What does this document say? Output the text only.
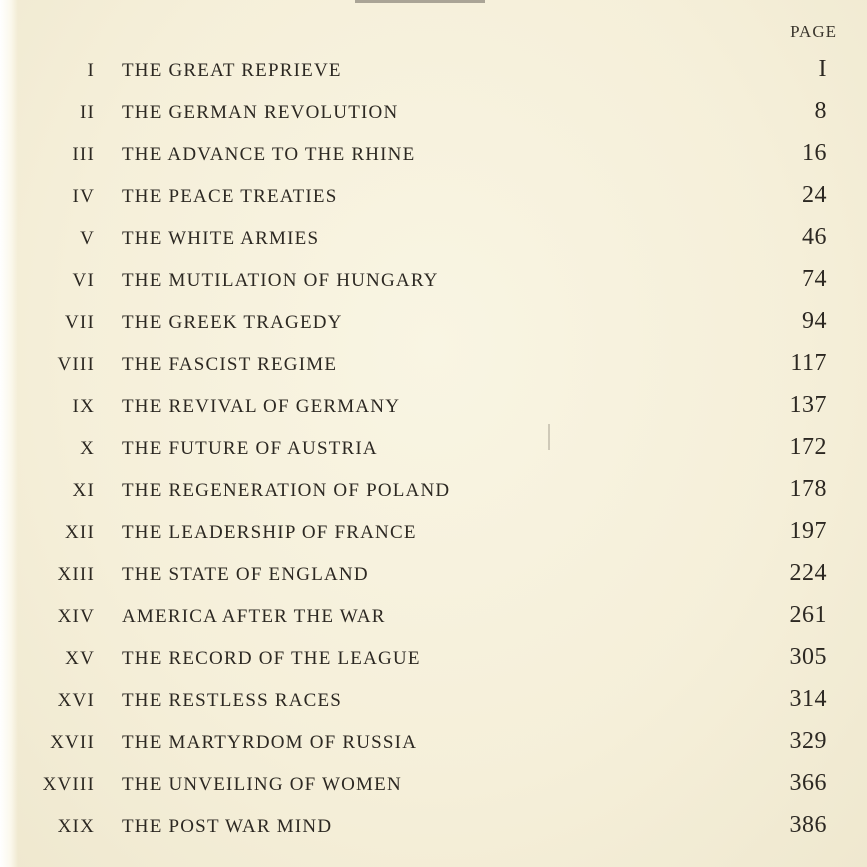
PAGE
I THE GREAT REPRIEVE	I
II THE GERMAN REVOLUTION	8
III THE ADVANCE TO THE RHINE	16
IV THE PEACE TREATIES	24
V THE WHITE ARMIES	46
VI THE MUTILATION OF HUNGARY	74
VII THE GREEK TRAGEDY	94
VIII THE FASCIST REGIME	117
IX THE REVIVAL OF GERMANY	137
X THE FUTURE OF AUSTRIA	172
XI THE REGENERATION OF POLAND	178
XII THE LEADERSHIP OF FRANCE	197
XIII THE STATE OF ENGLAND	224
XIV AMERICA AFTER THE WAR	261
XV THE RECORD OF THE LEAGUE	305
XVI THE RESTLESS RACES	314
XVII THE MARTYRDOM OF RUSSIA	329
XVIII THE UNVEILING OF WOMEN	366
XIX THE POST WAR MIND	386
